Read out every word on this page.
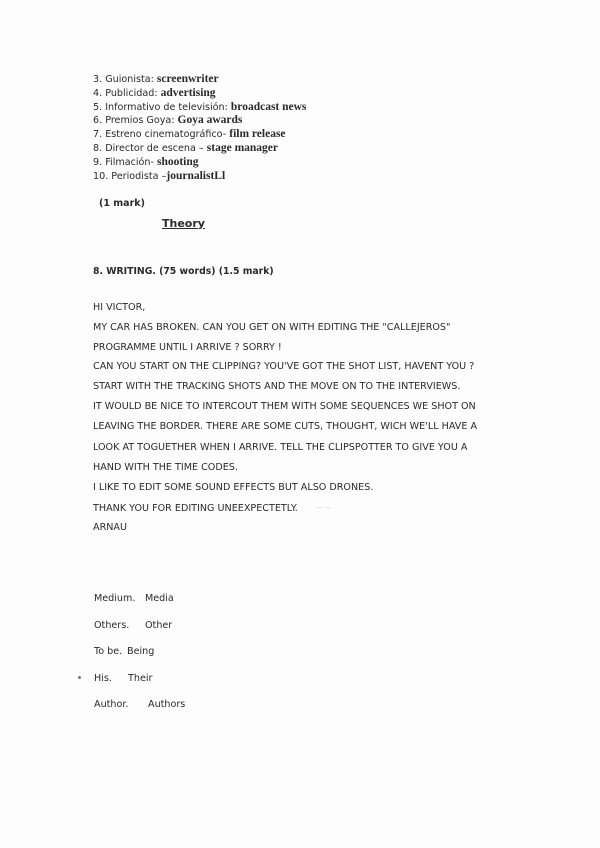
3. Guionista: screenwriter
4. Publicidad: advertising
5. Informativo de televisión: broadcast news
6. Premios Goya: Goya awards
7. Estreno cinematográfico- film release
8. Director de escena – stage manager
9. Filmación- shooting
10. Periodista –journalistLl
(1 mark)
Theory
8. WRITING. (75 words) (1.5 mark)
HI VICTOR,
MY CAR HAS BROKEN. CAN YOU GET ON WITH EDITING THE "CALLEJEROS"
PROGRAMME UNTIL I ARRIVE ? SORRY !
CAN YOU START ON THE CLIPPING? YOU'VE GOT THE SHOT LIST, HAVENT YOU ?
START WITH THE TRACKING SHOTS AND THE MOVE ON TO THE INTERVIEWS.
IT WOULD BE NICE TO INTERCOUT THEM WITH SOME SEQUENCES WE SHOT ON
LEAVING THE BORDER. THERE ARE SOME CUTS, THOUGHT, WICH WE'LL HAVE A
LOOK AT TOGUETHER WHEN I ARRIVE. TELL THE CLIPSPOTTER TO GIVE YOU A
HAND WITH THE TIME CODES.
I LIKE TO EDIT SOME SOUND EFFECTS BUT ALSO DRONES.
THANK YOU FOR EDITING UNEEXPECTETLY.
ARNAU
~·~
Medium. Media
Others. Other
To be. Being
His. Their
Author. Authors
